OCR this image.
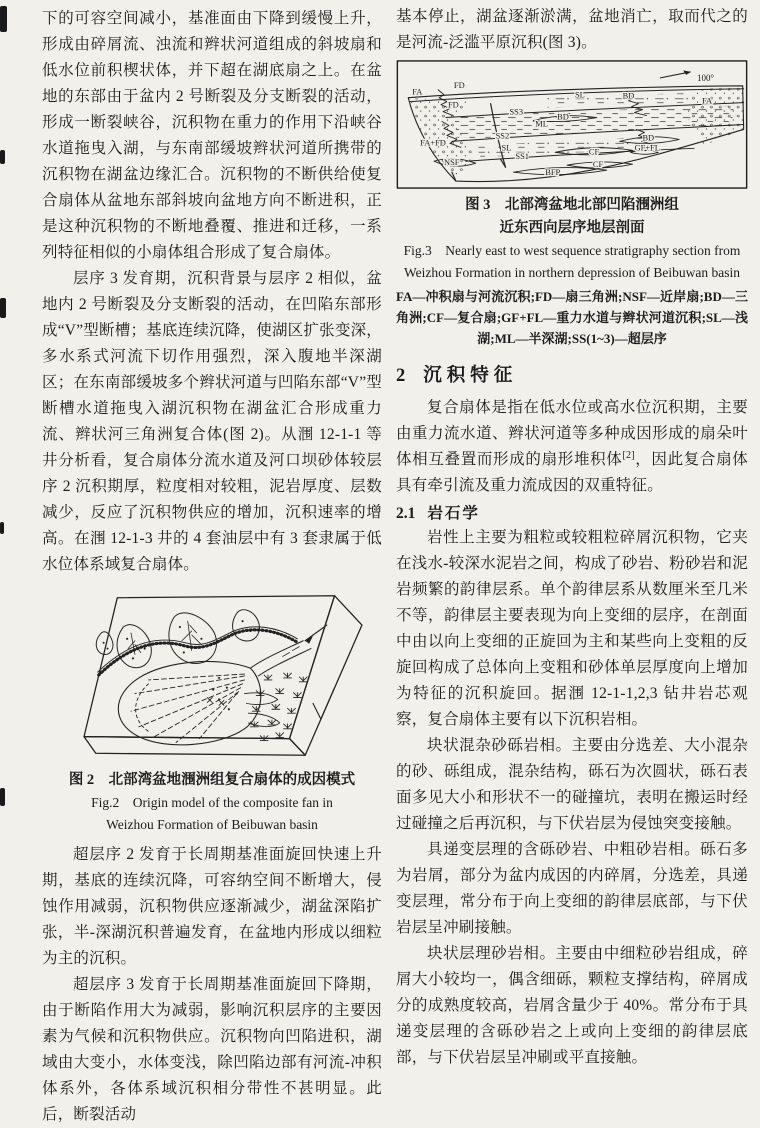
下的可容空间减小，基准面由下降到缓慢上升，形成由碎屑流、浊流和辫状河道组成的斜坡扇和低水位前积楔状体，并下超在湖底扇之上。在盆地的东部由于盆内 2 号断裂及分支断裂的活动，形成一断裂峡谷，沉积物在重力的作用下沿峡谷水道拖曳入湖，与东南部缓坡辫状河道所携带的沉积物在湖盆边缘汇合。沉积物的不断供给使复合扇体从盆地东部斜坡向盆地方向不断进积，正是这种沉积物的不断地叠覆、推进和迁移，一系列特征相似的小扇体组合形成了复合扇体。

层序 3 发育期，沉积背景与层序 2 相似，盆地内 2 号断裂及分支断裂的活动，在凹陷东部形成“V”型断槽；基底连续沉降，使湖区扩张变深，多水系式河流下切作用强烈，深入腹地半深湖区；在东南部缓坡多个辫状河道与凹陷东部“V”型断槽水道拖曳入湖沉积物在湖盆汇合形成重力流、辫状河三角洲复合体(图 2)。从涠 12-1-1 等井分析看，复合扇体分流水道及河口坝砂体较层序 2 沉积期厚，粒度相对较粗，泥岩厚度、层数减少，反应了沉积物供应的增加，沉积速率的增高。在涠 12-1-3 井的 4 套油层中有 3 套隶属于低水位体系域复合扇体。

图 2　北部湾盆地涠洲组复合扇体的成因模式

Fig.2　Origin model of the composite fan in

Weizhou Formation of Beibuwan basin

超层序 2 发育于长周期基准面旋回快速上升期，基底的连续沉降，可容纳空间不断增大，侵蚀作用减弱，沉积物供应逐渐减少，湖盆深陷扩张，半-深湖沉积普遍发育，在盆地内形成以细粒为主的沉积。

超层序 3 发育于长周期基准面旋回下降期，由于断陷作用大为减弱，影响沉积层序的主要因素为气候和沉积物供应。沉积物向凹陷进积，湖域由大变小，水体变浅，除凹陷边部有河流-冲积体系外，各体系域沉积相分带性不甚明显。此后，断裂活动

基本停止，湖盆逐渐淤满，盆地消亡，取而代之的是河流-泛滥平原沉积(图 3)。

100°
FA
FD
SL	BD	FA
FD
SS3	BD
ML
SS2	BD
FA+FD	SL
SS1	CF	GF+FL
CF
NSF
BFP

图 3　北部湾盆地北部凹陷涠洲组

近东西向层序地层剖面

Fig.3　Nearly east to west sequence stratigraphy section from

Weizhou Formation in northern depression of Beibuwan basin

FA—冲积扇与河流沉积;FD—扇三角洲;NSF—近岸扇;BD—三角洲;CF—复合扇;GF+FL—重力水道与辫状河道沉积;SL—浅湖;ML—半深湖;SS(1~3)—超层序

2 沉积特征

复合扇体是指在低水位或高水位沉积期，主要由重力流水道、辫状河道等多种成因形成的扇朵叶体相互叠置而形成的扇形堆积体[2]，因此复合扇体具有牵引流及重力流成因的双重特征。

2.1 岩石学

岩性上主要为粗粒或较粗粒碎屑沉积物，它夹在浅水-较深水泥岩之间，构成了砂岩、粉砂岩和泥岩频繁的韵律层系。单个韵律层系从数厘米至几米不等，韵律层主要表现为向上变细的层序，在剖面中由以向上变细的正旋回为主和某些向上变粗的反旋回构成了总体向上变粗和砂体单层厚度向上增加为特征的沉积旋回。据涠 12-1-1,2,3 钻井岩芯观察，复合扇体主要有以下沉积岩相。

块状混杂砂砾岩相。主要由分选差、大小混杂的砂、砾组成，混杂结构，砾石为次圆状，砾石表面多见大小和形状不一的碰撞坑，表明在搬运时经过碰撞之后再沉积，与下伏岩层为侵蚀突变接触。

具递变层理的含砾砂岩、中粗砂岩相。砾石多为岩屑，部分为盆内成因的内碎屑，分选差，具递变层理，常分布于向上变细的韵律层底部，与下伏岩层呈冲刷接触。

块状层理砂岩相。主要由中细粒砂岩组成，碎屑大小较均一，偶含细砾，颗粒支撑结构，碎屑成分的成熟度较高，岩屑含量少于 40%。常分布于具递变层理的含砾砂岩之上或向上变细的韵律层底部，与下伏岩层呈冲刷或平直接触。
